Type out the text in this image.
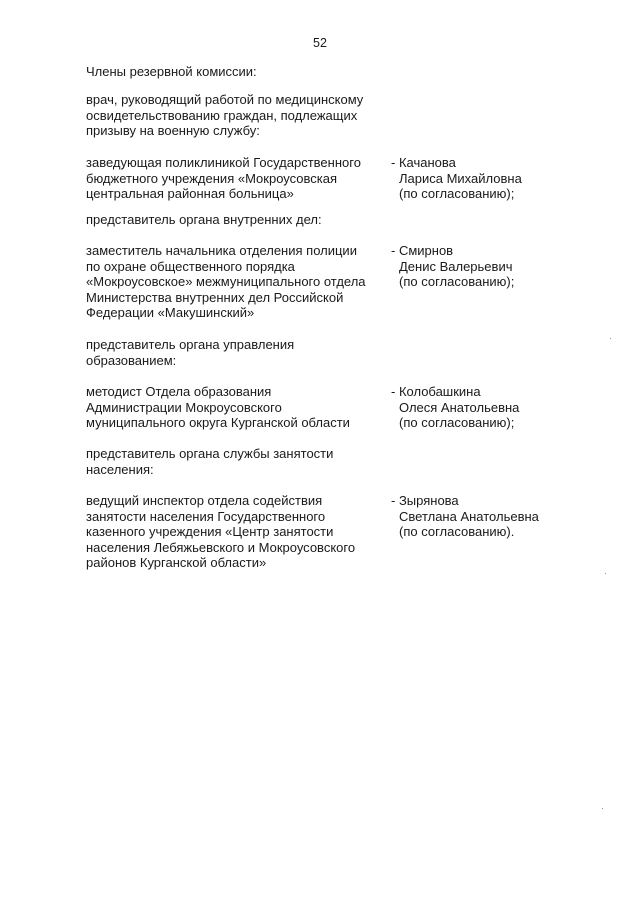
52
Члены резервной комиссии:
врач, руководящий работой по медицинскому
освидетельствованию граждан, подлежащих
призыву на военную службу:
заведующая поликлиникой Государственного
бюджетного учреждения «Мокроусовская
центральная районная больница»
- Качанова
Лариса Михайловна
(по согласованию);
представитель органа внутренних дел:
заместитель начальника отделения полиции
по охране общественного порядка
«Мокроусовское» межмуниципального отдела
Министерства внутренних дел Российской
Федерации «Макушинский»
- Смирнов
Денис Валерьевич
(по согласованию);
представитель органа управления
образованием:
методист Отдела образования
Администрации Мокроусовского
муниципального округа Курганской области
- Колобашкина
Олеся Анатольевна
(по согласованию);
представитель органа службы занятости
населения:
ведущий инспектор отдела содействия
занятости населения Государственного
казенного учреждения «Центр занятости
населения Лебяжьевского и Мокроусовского
районов Курганской области»
- Зырянова
Светлана Анатольевна
(по согласованию).
